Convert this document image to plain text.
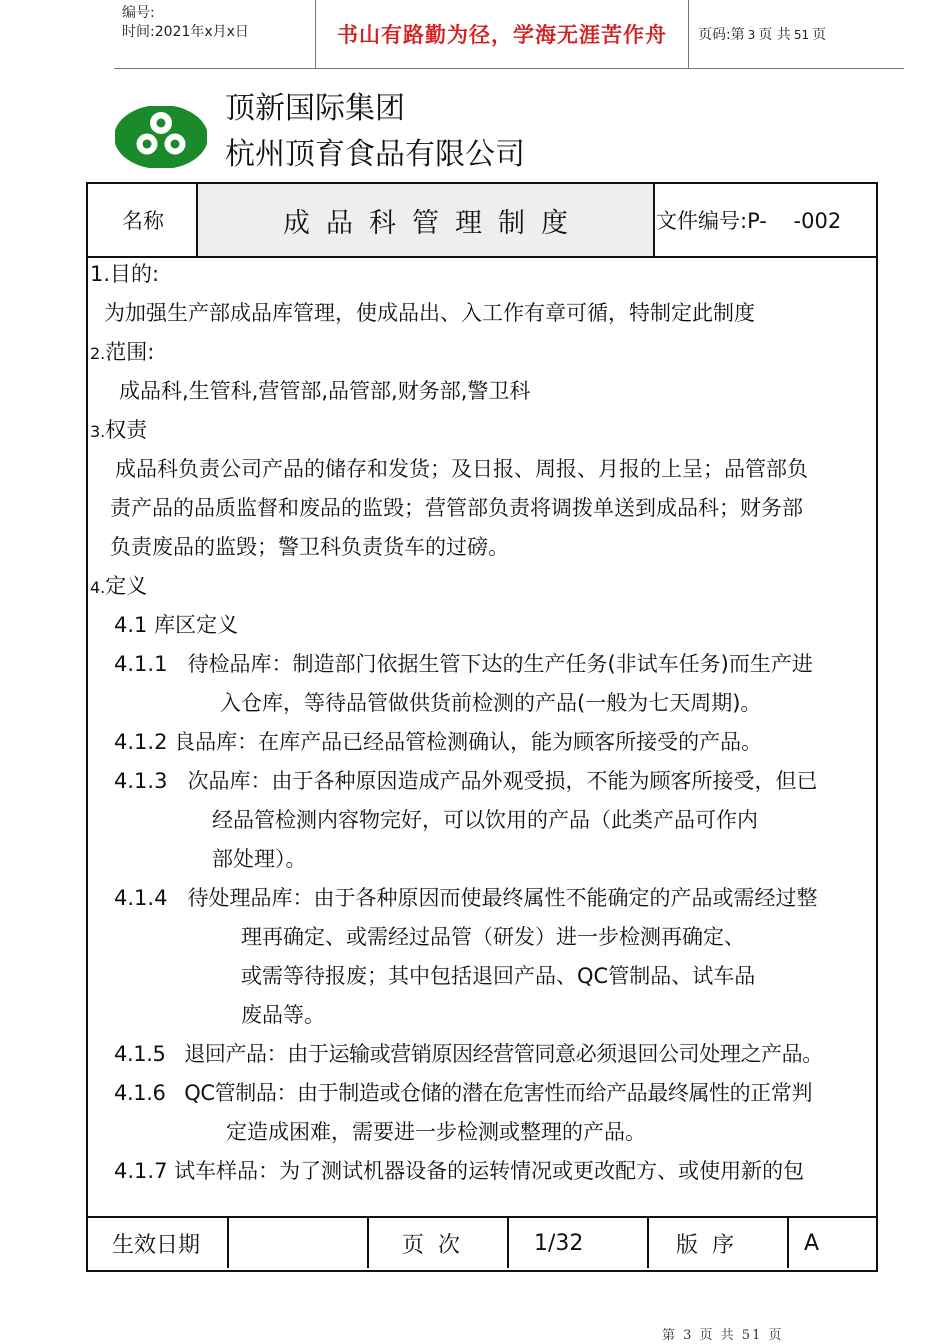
编号:
时间:2021年x月x日	书山有路勤为径，学海无涯苦作舟	页码:第 3 页 共 51 页
顶新国际集团
杭州顶育食品有限公司
名称	成品科管理制度	文件编号:P-    -002
1.目的:
为加强生产部成品库管理，使成品出、入工作有章可循，特制定此制度
2.范围:
成品科,生管科,营管部,品管部,财务部,警卫科
3.权责
成品科负责公司产品的储存和发货；及日报、周报、月报的上呈；品管部负
责产品的品质监督和废品的监毁；营管部负责将调拨单送到成品科；财务部
负责废品的监毁；警卫科负责货车的过磅。
4.定义
4.1 库区定义
4.1.1   待检品库：制造部门依据生管下达的生产任务(非试车任务)而生产进
入仓库，等待品管做供货前检测的产品(一般为七天周期)。
4.1.2 良品库：在库产品已经品管检测确认，能为顾客所接受的产品。
4.1.3   次品库：由于各种原因造成产品外观受损，不能为顾客所接受，但已
经品管检测内容物完好，可以饮用的产品（此类产品可作内
部处理）。
4.1.4   待处理品库：由于各种原因而使最终属性不能确定的产品或需经过整
理再确定、或需经过品管（研发）进一步检测再确定、
或需等待报废；其中包括退回产品、QC管制品、试车品
废品等。
4.1.5   退回产品：由于运输或营销原因经营管同意必须退回公司处理之产品。
4.1.6   QC管制品：由于制造或仓储的潜在危害性而给产品最终属性的正常判
定造成困难，需要进一步检测或整理的产品。
4.1.7 试车样品：为了测试机器设备的运转情况或更改配方、或使用新的包
生效日期	页  次	1/32	版  序	A
第 3 页 共 51 页
